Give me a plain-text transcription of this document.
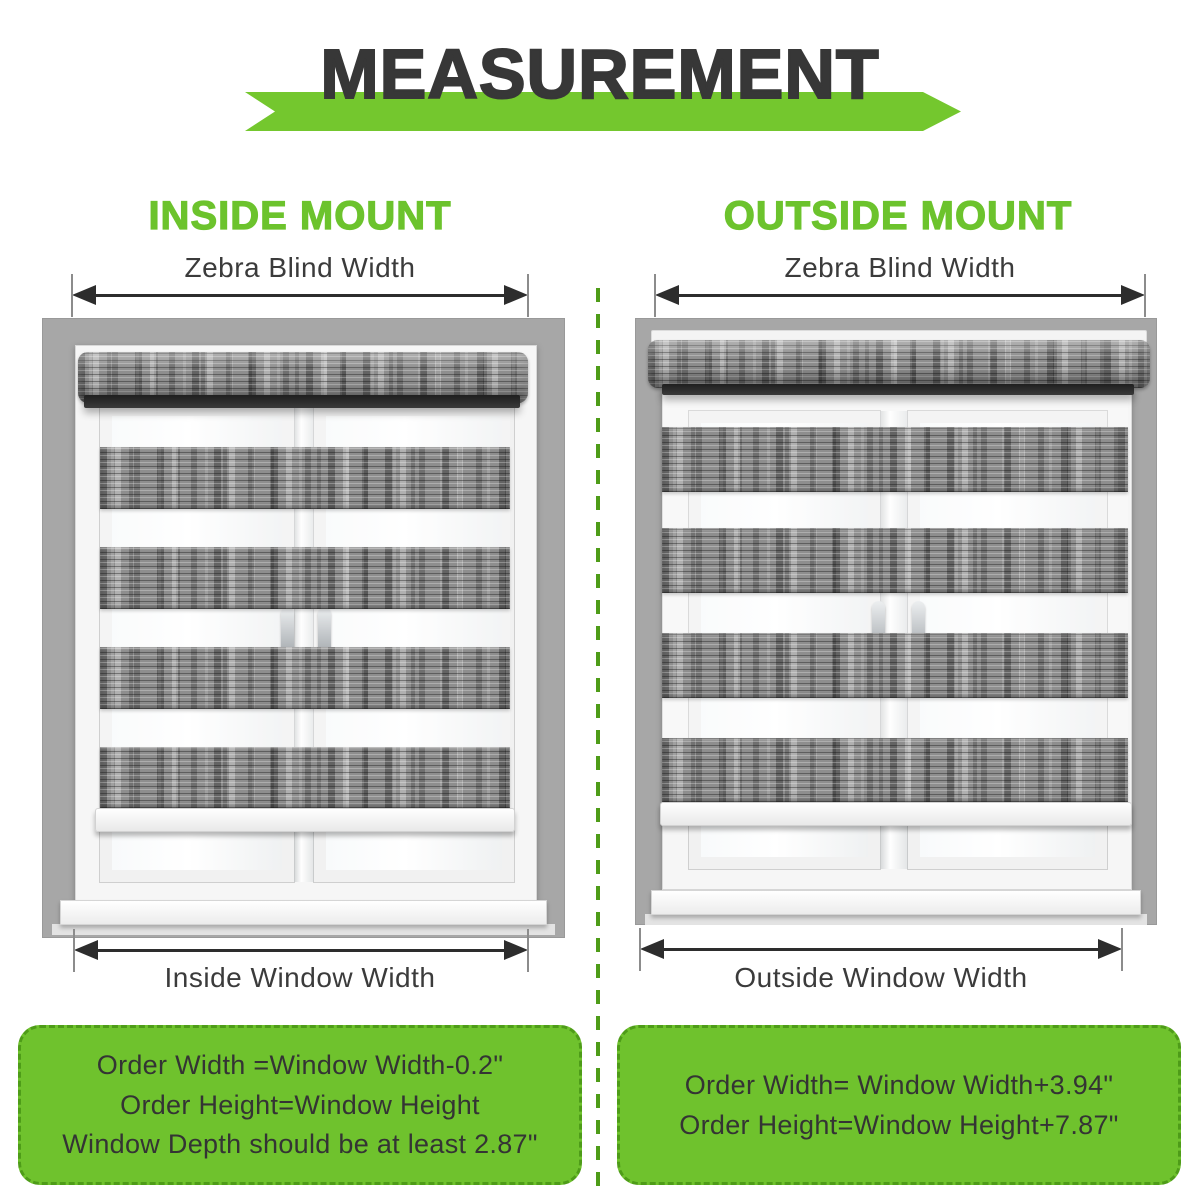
MEASUREMENT
INSIDE MOUNT
Zebra Blind Width
Inside Window Width
Order Width =Window Width-0.2"
Order Height=Window Height
Window Depth should be at least 2.87"
OUTSIDE MOUNT
Zebra Blind Width
Outside Window Width
Order Width= Window Width+3.94"
Order Height=Window Height+7.87"
